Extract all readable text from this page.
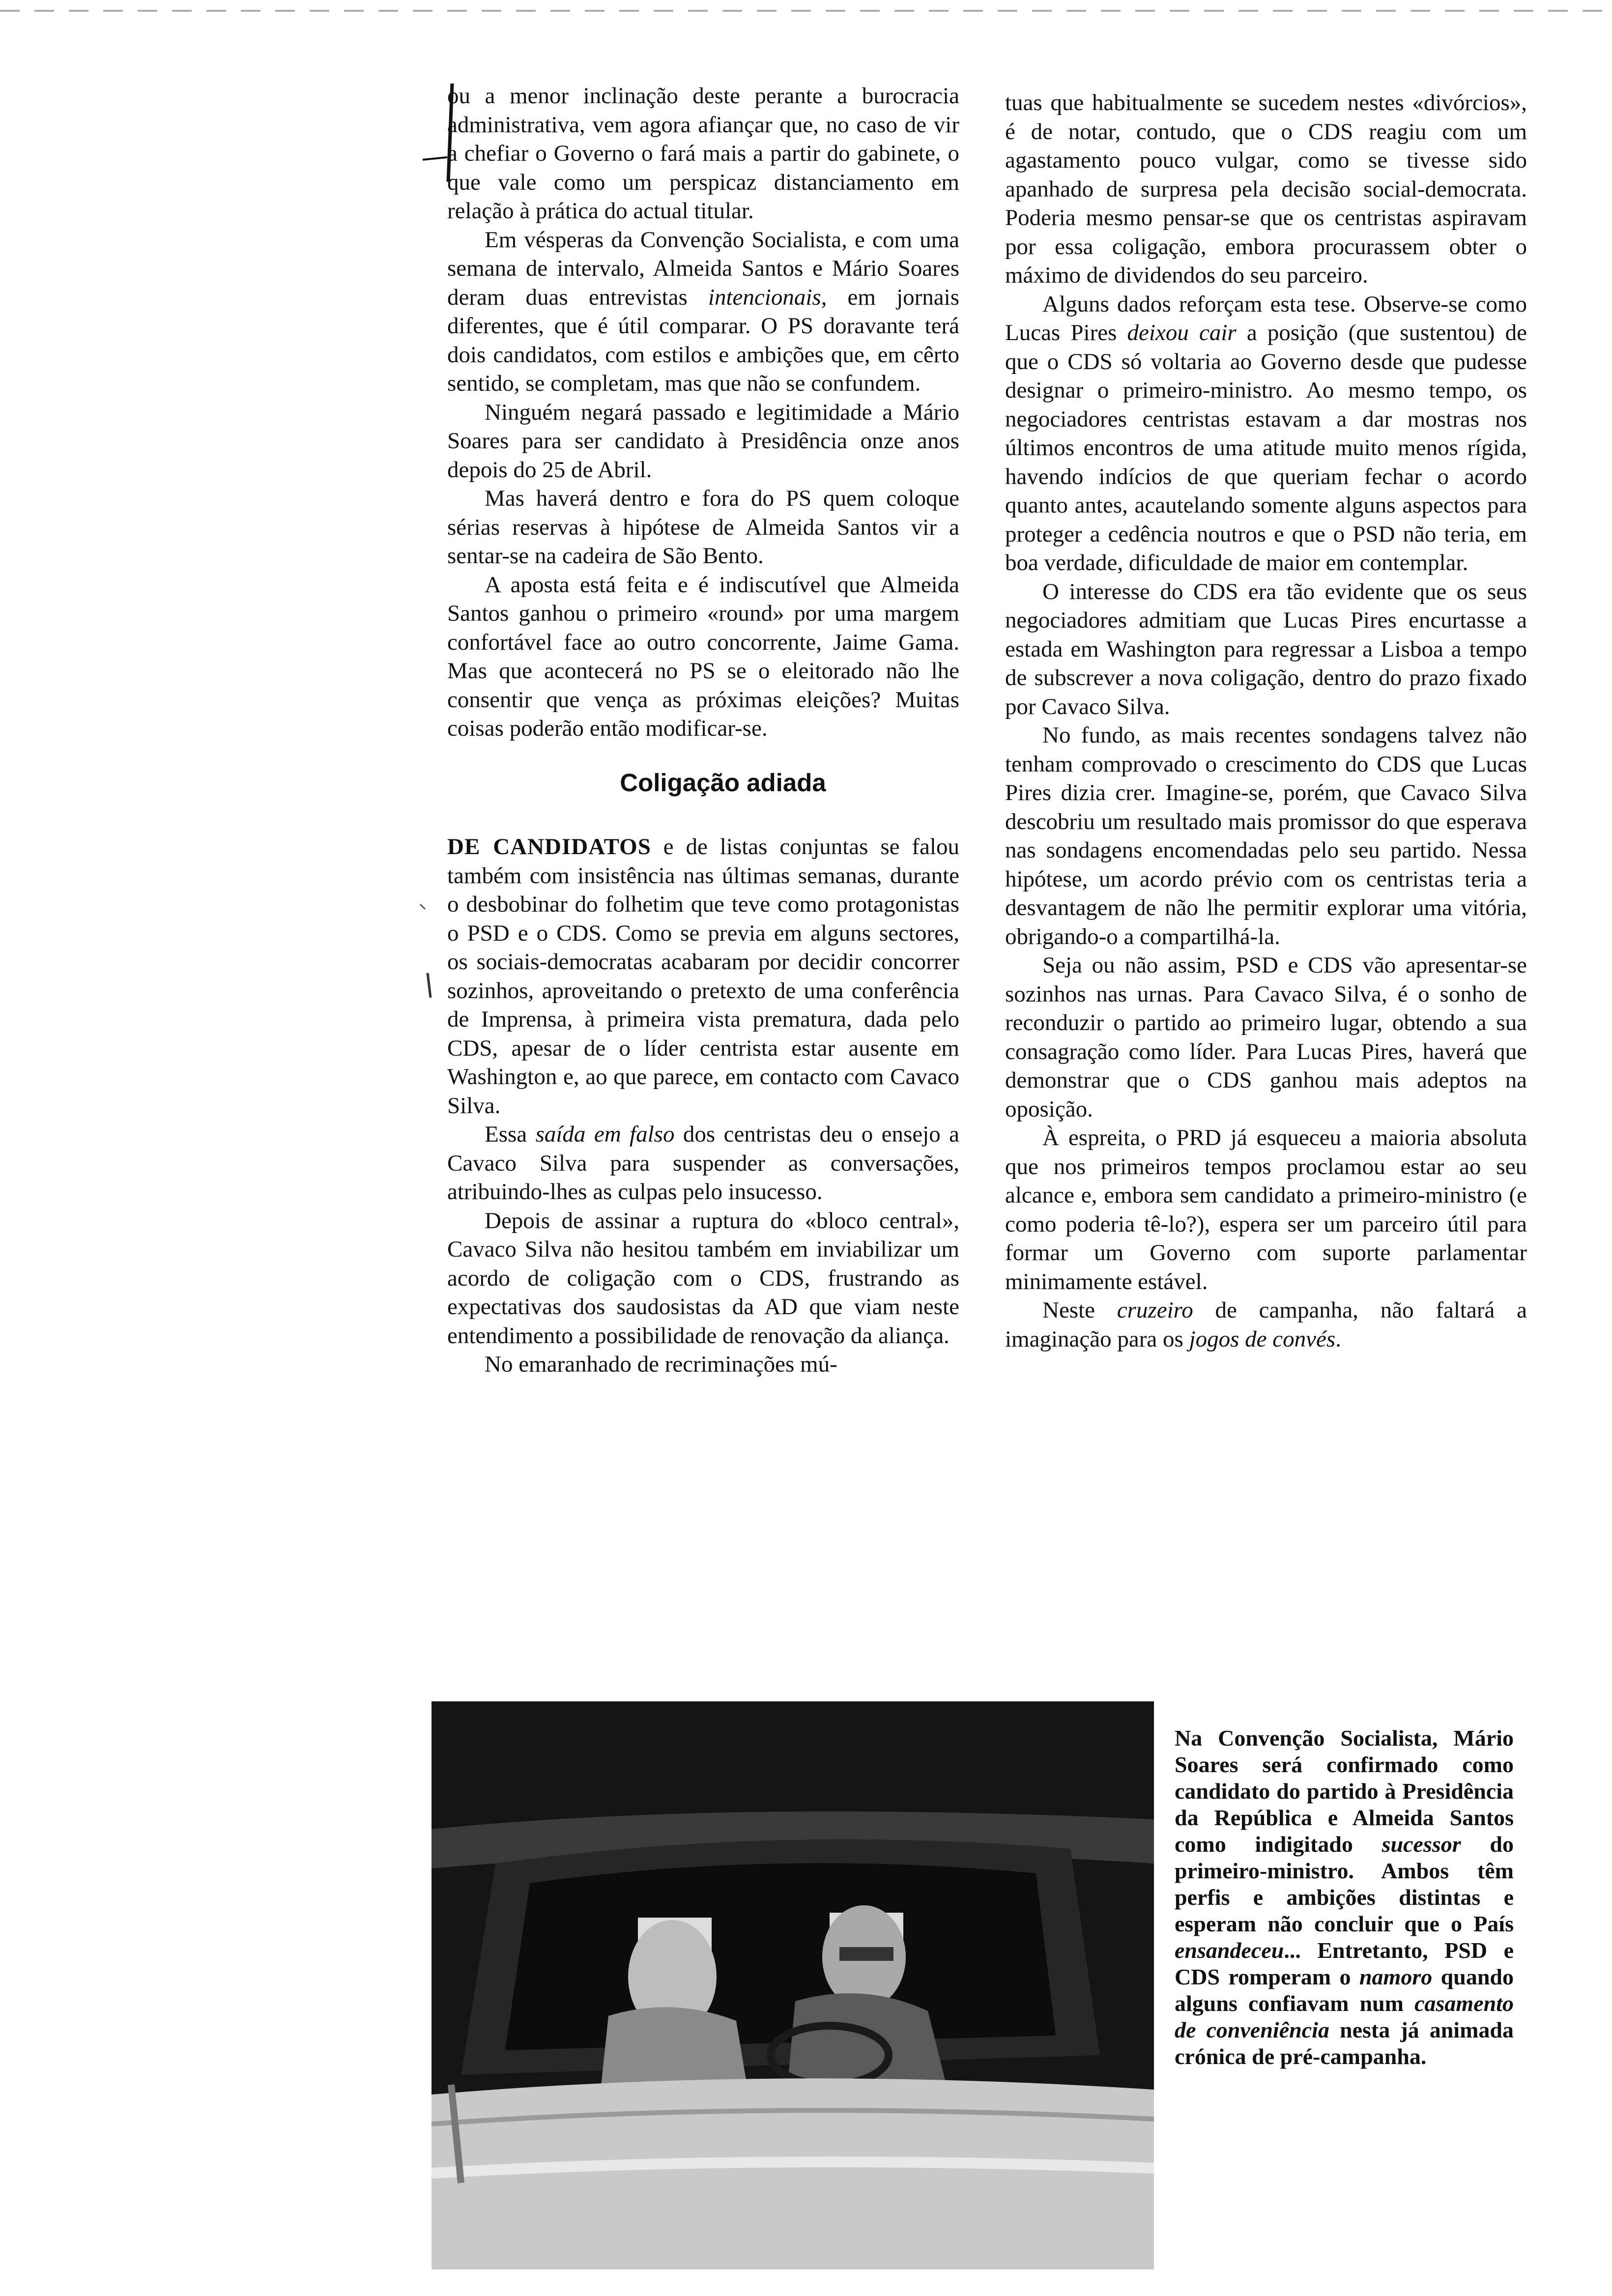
ou a menor inclinação deste perante a burocracia administrativa, vem agora afiançar que, no caso de vir a chefiar o Governo o fará mais a partir do gabinete, o que vale como um perspicaz distanciamento em relação à prática do actual titular.

Em vésperas da Convenção Socialista, e com uma semana de intervalo, Almeida Santos e Mário Soares deram duas entrevistas intencionais, em jornais diferentes, que é útil comparar. O PS doravante terá dois candidatos, com estilos e ambições que, em cêrto sentido, se completam, mas que não se confundem.

Ninguém negará passado e legitimidade a Mário Soares para ser candidato à Presidência onze anos depois do 25 de Abril.

Mas haverá dentro e fora do PS quem coloque sérias reservas à hipótese de Almeida Santos vir a sentar-se na cadeira de São Bento.

A aposta está feita e é indiscutível que Almeida Santos ganhou o primeiro «round» por uma margem confortável face ao outro concorrente, Jaime Gama. Mas que acontecerá no PS se o eleitorado não lhe consentir que vença as próximas eleições? Muitas coisas poderão então modificar-se.

Coligação adiada

DE CANDIDATOS e de listas conjuntas se falou também com insistência nas últimas semanas, durante o desbobinar do folhetim que teve como protagonistas o PSD e o CDS. Como se previa em alguns sectores, os sociais-democratas acabaram por decidir concorrer sozinhos, aproveitando o pretexto de uma conferência de Imprensa, à primeira vista prematura, dada pelo CDS, apesar de o líder centrista estar ausente em Washington e, ao que parece, em contacto com Cavaco Silva.

Essa saída em falso dos centristas deu o ensejo a Cavaco Silva para suspender as conversações, atribuindo-lhes as culpas pelo insucesso.

Depois de assinar a ruptura do «bloco central», Cavaco Silva não hesitou também em inviabilizar um acordo de coligação com o CDS, frustrando as expectativas dos saudosistas da AD que viam neste entendimento a possibilidade de renovação da aliança.

No emaranhado de recriminações mú-

tuas que habitualmente se sucedem nestes «divórcios», é de notar, contudo, que o CDS reagiu com um agastamento pouco vulgar, como se tivesse sido apanhado de surpresa pela decisão social-democrata. Poderia mesmo pensar-se que os centristas aspiravam por essa coligação, embora procurassem obter o máximo de dividendos do seu parceiro.

Alguns dados reforçam esta tese. Observe-se como Lucas Pires deixou cair a posição (que sustentou) de que o CDS só voltaria ao Governo desde que pudesse designar o primeiro-ministro. Ao mesmo tempo, os negociadores centristas estavam a dar mostras nos últimos encontros de uma atitude muito menos rígida, havendo indícios de que queriam fechar o acordo quanto antes, acautelando somente alguns aspectos para proteger a cedência noutros e que o PSD não teria, em boa verdade, dificuldade de maior em contemplar.

O interesse do CDS era tão evidente que os seus negociadores admitiam que Lucas Pires encurtasse a estada em Washington para regressar a Lisboa a tempo de subscrever a nova coligação, dentro do prazo fixado por Cavaco Silva.

No fundo, as mais recentes sondagens talvez não tenham comprovado o crescimento do CDS que Lucas Pires dizia crer. Imagine-se, porém, que Cavaco Silva descobriu um resultado mais promissor do que esperava nas sondagens encomendadas pelo seu partido. Nessa hipótese, um acordo prévio com os centristas teria a desvantagem de não lhe permitir explorar uma vitória, obrigando-o a compartilhá-la.

Seja ou não assim, PSD e CDS vão apresentar-se sozinhos nas urnas. Para Cavaco Silva, é o sonho de reconduzir o partido ao primeiro lugar, obtendo a sua consagração como líder. Para Lucas Pires, haverá que demonstrar que o CDS ganhou mais adeptos na oposição.

À espreita, o PRD já esqueceu a maioria absoluta que nos primeiros tempos proclamou estar ao seu alcance e, embora sem candidato a primeiro-ministro (e como poderia tê-lo?), espera ser um parceiro útil para formar um Governo com suporte parlamentar minimamente estável.

Neste cruzeiro de campanha, não faltará a imaginação para os jogos de convés.

Na Convenção Socialista, Mário Soares será confirmado como candidato do partido à Presidência da República e Almeida Santos como indigitado sucessor do primeiro-ministro. Ambos têm perfis e ambições distintas e esperam não concluir que o País ensandeceu... Entretanto, PSD e CDS romperam o namoro quando alguns confiavam num casamento de conveniência nesta já animada crónica de pré-campanha.
